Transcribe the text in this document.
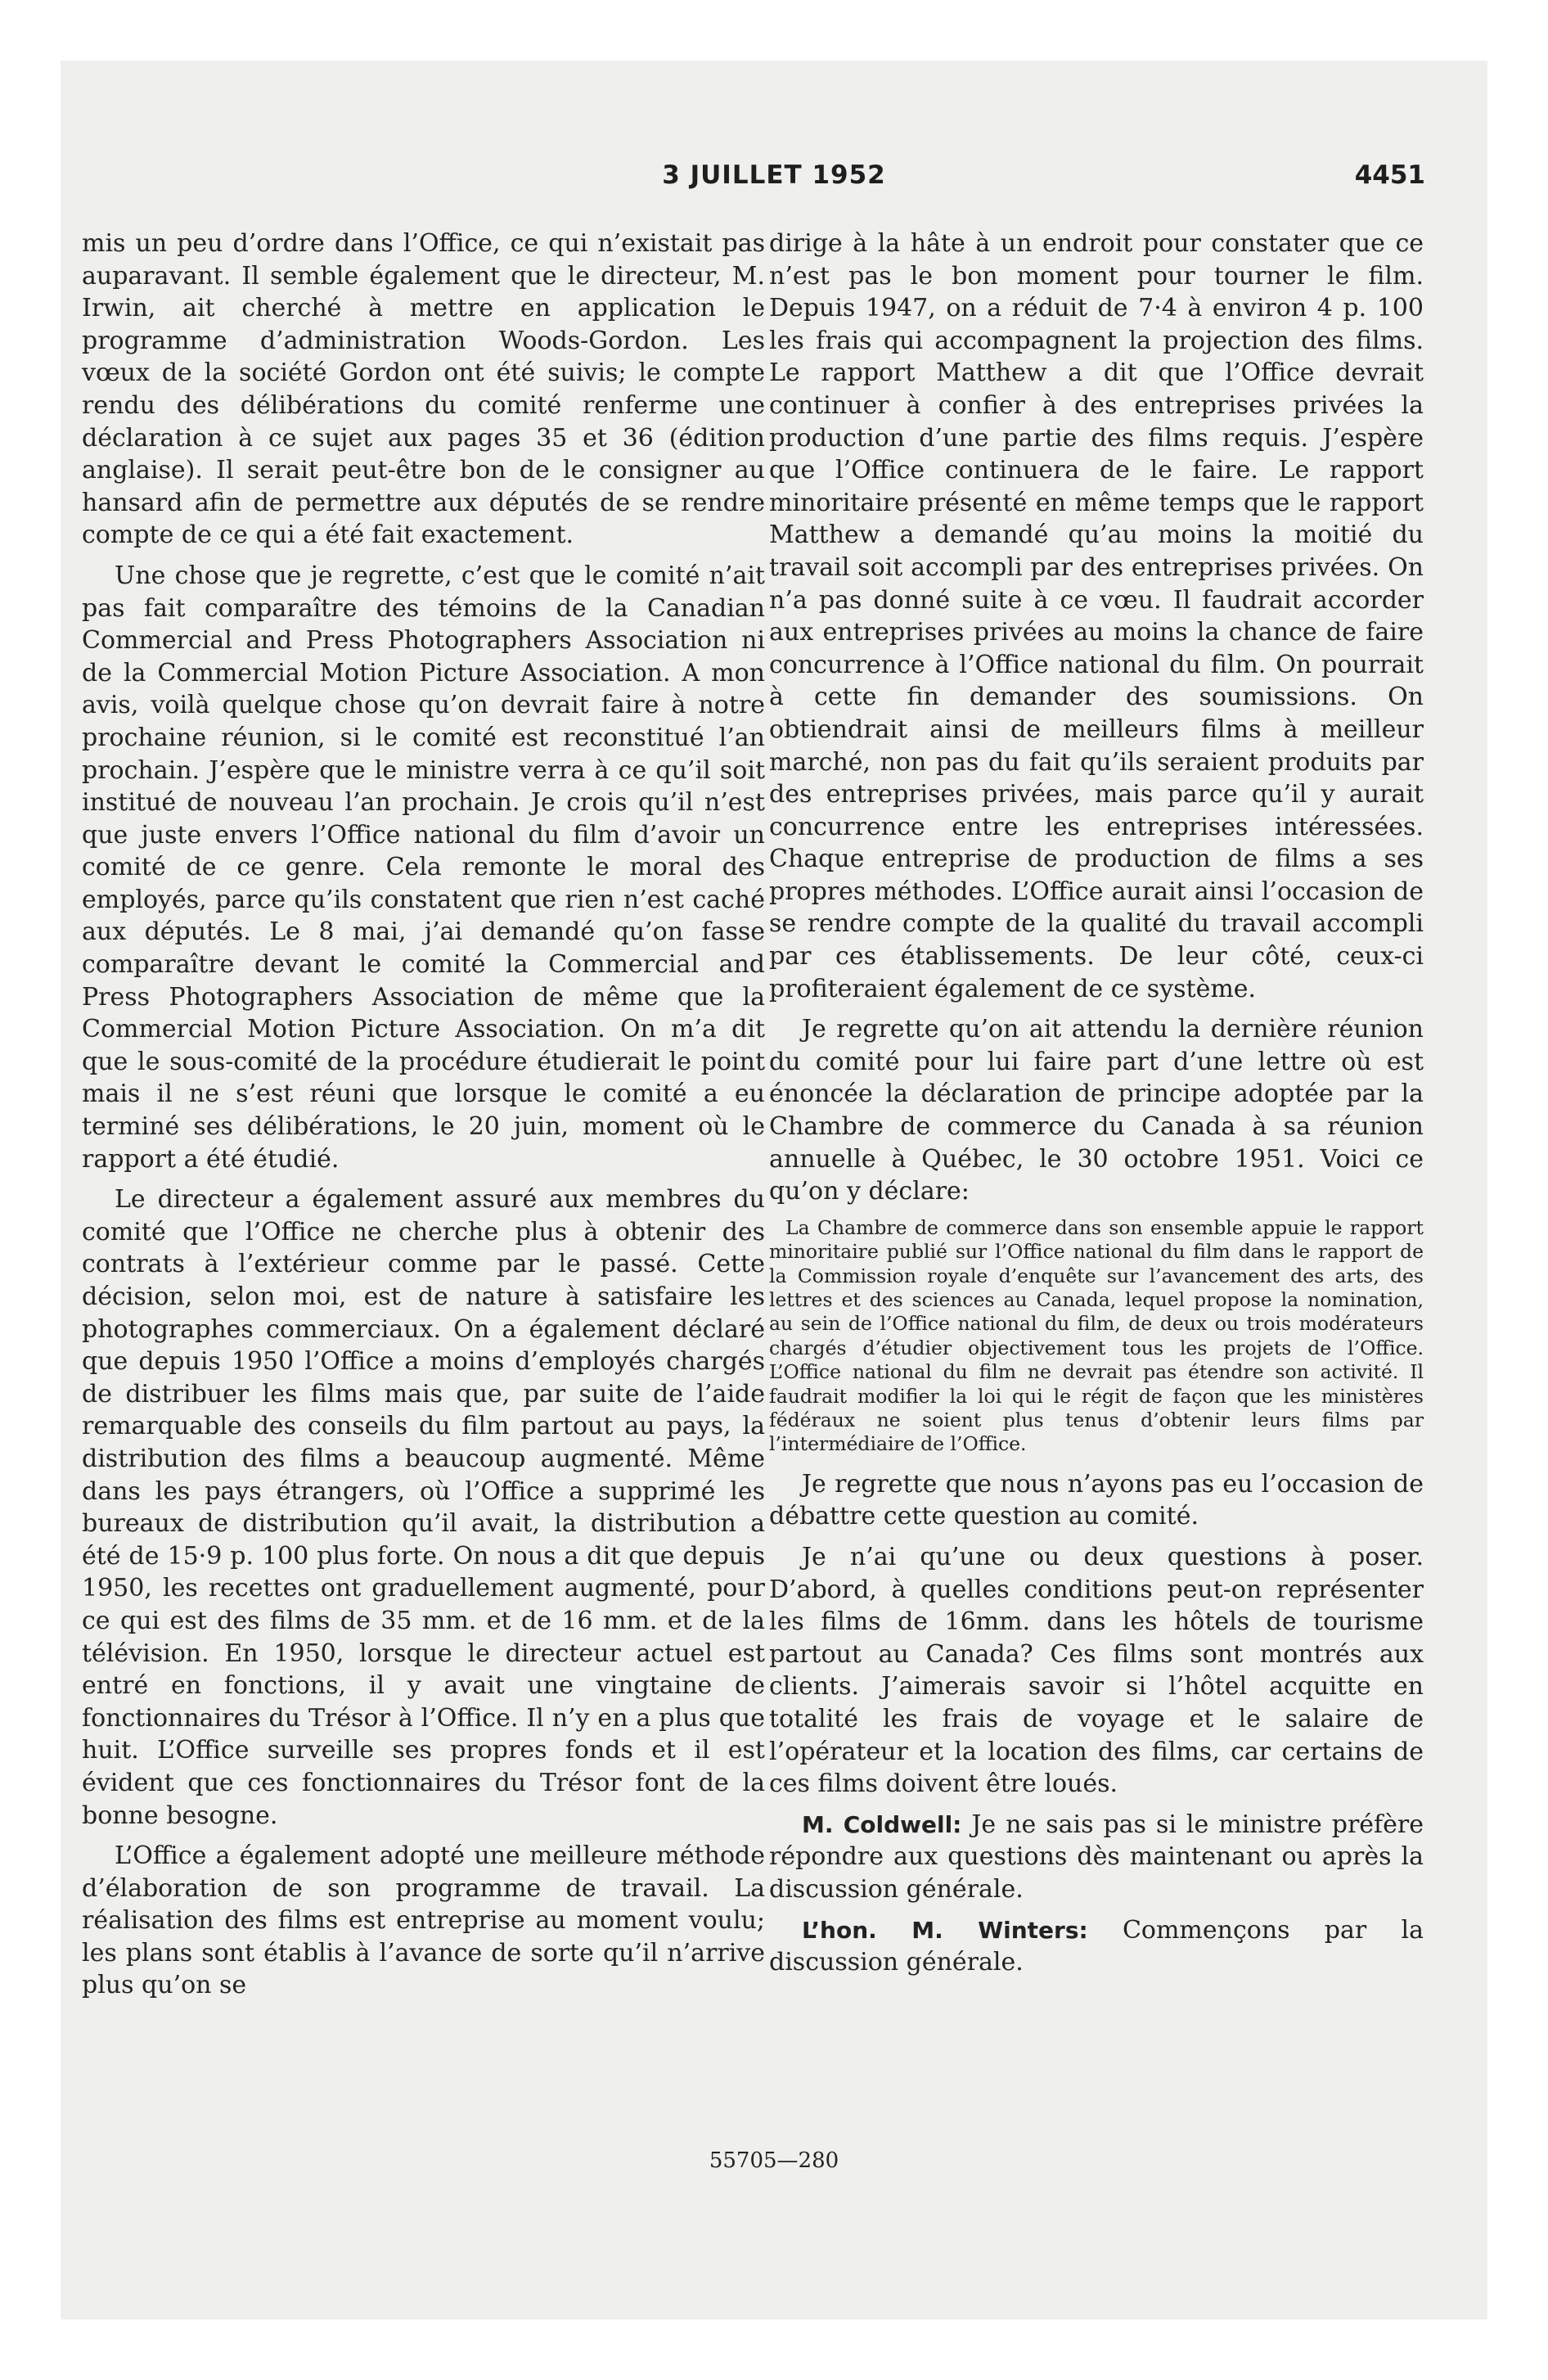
3 JUILLET 1952	4451

mis un peu d’ordre dans l’Office, ce qui n’existait pas auparavant. Il semble également que le directeur, M. Irwin, ait cherché à mettre en application le programme d’administration Woods-Gordon. Les vœux de la société Gordon ont été suivis; le compte rendu des délibérations du comité renferme une déclaration à ce sujet aux pages 35 et 36 (édition anglaise). Il serait peut-être bon de le consigner au hansard afin de permettre aux députés de se rendre compte de ce qui a été fait exactement.

Une chose que je regrette, c’est que le comité n’ait pas fait comparaître des témoins de la Canadian Commercial and Press Photographers Association ni de la Commercial Motion Picture Association. A mon avis, voilà quelque chose qu’on devrait faire à notre prochaine réunion, si le comité est reconstitué l’an prochain. J’espère que le ministre verra à ce qu’il soit institué de nouveau l’an prochain. Je crois qu’il n’est que juste envers l’Office national du film d’avoir un comité de ce genre. Cela remonte le moral des employés, parce qu’ils constatent que rien n’est caché aux députés. Le 8 mai, j’ai demandé qu’on fasse comparaître devant le comité la Commercial and Press Photographers Association de même que la Commercial Motion Picture Association. On m’a dit que le sous-comité de la procédure étudierait le point mais il ne s’est réuni que lorsque le comité a eu terminé ses délibérations, le 20 juin, moment où le rapport a été étudié.

Le directeur a également assuré aux membres du comité que l’Office ne cherche plus à obtenir des contrats à l’extérieur comme par le passé. Cette décision, selon moi, est de nature à satisfaire les photographes commerciaux. On a également déclaré que depuis 1950 l’Office a moins d’employés chargés de distribuer les films mais que, par suite de l’aide remarquable des conseils du film partout au pays, la distribution des films a beaucoup augmenté. Même dans les pays étrangers, où l’Office a supprimé les bureaux de distribution qu’il avait, la distribution a été de 15·9 p. 100 plus forte. On nous a dit que depuis 1950, les recettes ont graduellement augmenté, pour ce qui est des films de 35 mm. et de 16 mm. et de la télévision. En 1950, lorsque le directeur actuel est entré en fonctions, il y avait une vingtaine de fonctionnaires du Trésor à l’Office. Il n’y en a plus que huit. L’Office surveille ses propres fonds et il est évident que ces fonctionnaires du Trésor font de la bonne besogne.

L’Office a également adopté une meilleure méthode d’élaboration de son programme de travail. La réalisation des films est entreprise au moment voulu; les plans sont établis à l’avance de sorte qu’il n’arrive plus qu’on se

dirige à la hâte à un endroit pour constater que ce n’est pas le bon moment pour tourner le film. Depuis 1947, on a réduit de 7·4 à environ 4 p. 100 les frais qui accompagnent la projection des films. Le rapport Matthew a dit que l’Office devrait continuer à confier à des entreprises privées la production d’une partie des films requis. J’espère que l’Office continuera de le faire. Le rapport minoritaire présenté en même temps que le rapport Matthew a demandé qu’au moins la moitié du travail soit accompli par des entreprises privées. On n’a pas donné suite à ce vœu. Il faudrait accorder aux entreprises privées au moins la chance de faire concurrence à l’Office national du film. On pourrait à cette fin demander des soumissions. On obtiendrait ainsi de meilleurs films à meilleur marché, non pas du fait qu’ils seraient produits par des entreprises privées, mais parce qu’il y aurait concurrence entre les entreprises intéressées. Chaque entreprise de production de films a ses propres méthodes. L’Office aurait ainsi l’occasion de se rendre compte de la qualité du travail accompli par ces établissements. De leur côté, ceux-ci profiteraient également de ce système.

Je regrette qu’on ait attendu la dernière réunion du comité pour lui faire part d’une lettre où est énoncée la déclaration de principe adoptée par la Chambre de commerce du Canada à sa réunion annuelle à Québec, le 30 octobre 1951. Voici ce qu’on y déclare:

La Chambre de commerce dans son ensemble appuie le rapport minoritaire publié sur l’Office national du film dans le rapport de la Commission royale d’enquête sur l’avancement des arts, des lettres et des sciences au Canada, lequel propose la nomination, au sein de l’Office national du film, de deux ou trois modérateurs chargés d’étudier objectivement tous les projets de l’Office. L’Office national du film ne devrait pas étendre son activité. Il faudrait modifier la loi qui le régit de façon que les ministères fédéraux ne soient plus tenus d’obtenir leurs films par l’intermédiaire de l’Office.

Je regrette que nous n’ayons pas eu l’occasion de débattre cette question au comité.

Je n’ai qu’une ou deux questions à poser. D’abord, à quelles conditions peut-on représenter les films de 16mm. dans les hôtels de tourisme partout au Canada? Ces films sont montrés aux clients. J’aimerais savoir si l’hôtel acquitte en totalité les frais de voyage et le salaire de l’opérateur et la location des films, car certains de ces films doivent être loués.

M. Coldwell: Je ne sais pas si le ministre préfère répondre aux questions dès maintenant ou après la discussion générale.

L’hon. M. Winters: Commençons par la discussion générale.

55705—280
